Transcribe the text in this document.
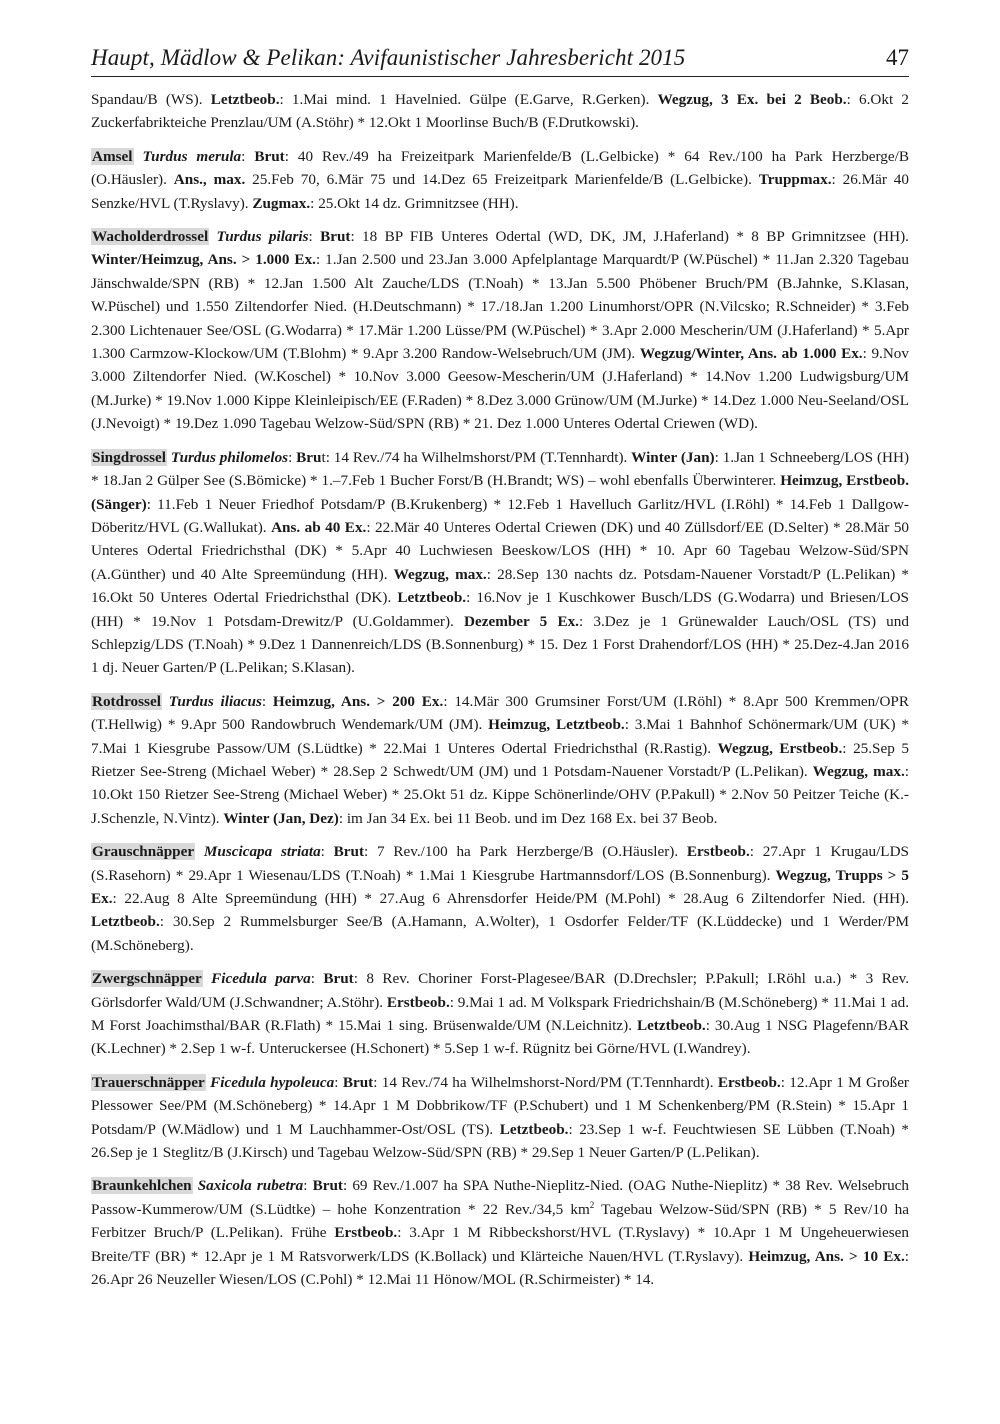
Haupt, Mädlow & Pelikan: Avifaunistischer Jahresbericht 2015	47

Spandau/B (WS). Letztbeob.: 1.Mai mind. 1 Havelnied. Gülpe (E.Garve, R.Gerken). Wegzug, 3 Ex. bei 2 Beob.: 6.Okt 2 Zuckerfabrikteiche Prenzlau/UM (A.Stöhr) * 12.Okt 1 Moorlinse Buch/B (F.Drutkowski).

Amsel Turdus merula: Brut: 40 Rev./49 ha Freizeitpark Marienfelde/B (L.Gelbicke) * 64 Rev./100 ha Park Herzberge/B (O.Häusler). Ans., max. 25.Feb 70, 6.Mär 75 und 14.Dez 65 Freizeitpark Marienfelde/B (L.Gelbicke). Truppmax.: 26.Mär 40 Senzke/HVL (T.Ryslavy). Zugmax.: 25.Okt 14 dz. Grimnitzsee (HH).

Wacholderdrossel Turdus pilaris: Brut: 18 BP FIB Unteres Odertal (WD, DK, JM, J.Haferland) * 8 BP Grimnitzsee (HH). Winter/Heimzug, Ans. > 1.000 Ex.: 1.Jan 2.500 und 23.Jan 3.000 Apfelplantage Marquardt/P (W.Püschel) * 11.Jan 2.320 Tagebau Jänschwalde/SPN (RB) * 12.Jan 1.500 Alt Zauche/LDS (T.Noah) * 13.Jan 5.500 Phöbener Bruch/PM (B.Jahnke, S.Klasan, W.Püschel) und 1.550 Ziltendorfer Nied. (H.Deutschmann) * 17./18.Jan 1.200 Linumhorst/OPR (N.Vilcsko; R.Schneider) * 3.Feb 2.300 Lichtenauer See/OSL (G.Wodarra) * 17.Mär 1.200 Lüsse/PM (W.Püschel) * 3.Apr 2.000 Mescherin/UM (J.Haferland) * 5.Apr 1.300 Carmzow-Klockow/UM (T.Blohm) * 9.Apr 3.200 Randow-Welsebruch/UM (JM). Wegzug/Winter, Ans. ab 1.000 Ex.: 9.Nov 3.000 Ziltendorfer Nied. (W.Koschel) * 10.Nov 3.000 Geesow-Mescherin/UM (J.Haferland) * 14.Nov 1.200 Ludwigsburg/UM (M.Jurke) * 19.Nov 1.000 Kippe Kleinleipisch/EE (F.Raden) * 8.Dez 3.000 Grünow/UM (M.Jurke) * 14.Dez 1.000 Neu-Seeland/OSL (J.Nevoigt) * 19.Dez 1.090 Tagebau Welzow-Süd/SPN (RB) * 21. Dez 1.000 Unteres Odertal Criewen (WD).

Singdrossel Turdus philomelos: Brut: 14 Rev./74 ha Wilhelmshorst/PM (T.Tennhardt). Winter (Jan): 1.Jan 1 Schneeberg/LOS (HH) * 18.Jan 2 Gülper See (S.Bömicke) * 1.–7.Feb 1 Bucher Forst/B (H.Brandt; WS) – wohl ebenfalls Überwinterer. Heimzug, Erstbeob. (Sänger): 11.Feb 1 Neuer Friedhof Potsdam/P (B.Krukenberg) * 12.Feb 1 Havelluch Garlitz/HVL (I.Röhl) * 14.Feb 1 Dallgow-Döberitz/HVL (G.Wallukat). Ans. ab 40 Ex.: 22.Mär 40 Unteres Odertal Criewen (DK) und 40 Züllsdorf/EE (D.Selter) * 28.Mär 50 Unteres Odertal Friedrichsthal (DK) * 5.Apr 40 Luchwiesen Beeskow/LOS (HH) * 10. Apr 60 Tagebau Welzow-Süd/SPN (A.Günther) und 40 Alte Spreemündung (HH). Wegzug, max.: 28.Sep 130 nachts dz. Potsdam-Nauener Vorstadt/P (L.Pelikan) * 16.Okt 50 Unteres Odertal Friedrichsthal (DK). Letztbeob.: 16.Nov je 1 Kuschkower Busch/LDS (G.Wodarra) und Briesen/LOS (HH) * 19.Nov 1 Potsdam-Drewitz/P (U.Goldammer). Dezember 5 Ex.: 3.Dez je 1 Grünewalder Lauch/OSL (TS) und Schlepzig/LDS (T.Noah) * 9.Dez 1 Dannenreich/LDS (B.Sonnenburg) * 15. Dez 1 Forst Drahendorf/LOS (HH) * 25.Dez-4.Jan 2016 1 dj. Neuer Garten/P (L.Pelikan; S.Klasan).

Rotdrossel Turdus iliacus: Heimzug, Ans. > 200 Ex.: 14.Mär 300 Grumsiner Forst/UM (I.Röhl) * 8.Apr 500 Kremmen/OPR (T.Hellwig) * 9.Apr 500 Randowbruch Wendemark/UM (JM). Heimzug, Letztbeob.: 3.Mai 1 Bahnhof Schönermark/UM (UK) * 7.Mai 1 Kiesgrube Passow/UM (S.Lüdtke) * 22.Mai 1 Unteres Odertal Friedrichsthal (R.Rastig). Wegzug, Erstbeob.: 25.Sep 5 Rietzer See-Streng (Michael Weber) * 28.Sep 2 Schwedt/UM (JM) und 1 Potsdam-Nauener Vorstadt/P (L.Pelikan). Wegzug, max.: 10.Okt 150 Rietzer See-Streng (Michael Weber) * 25.Okt 51 dz. Kippe Schönerlinde/OHV (P.Pakull) * 2.Nov 50 Peitzer Teiche (K.-J.Schenzle, N.Vintz). Winter (Jan, Dez): im Jan 34 Ex. bei 11 Beob. und im Dez 168 Ex. bei 37 Beob.

Grauschnäpper Muscicapa striata: Brut: 7 Rev./100 ha Park Herzberge/B (O.Häusler). Erstbeob.: 27.Apr 1 Krugau/LDS (S.Rasehorn) * 29.Apr 1 Wiesenau/LDS (T.Noah) * 1.Mai 1 Kiesgrube Hartmannsdorf/LOS (B.Sonnenburg). Wegzug, Trupps > 5 Ex.: 22.Aug 8 Alte Spreemündung (HH) * 27.Aug 6 Ahrensdorfer Heide/PM (M.Pohl) * 28.Aug 6 Ziltendorfer Nied. (HH). Letztbeob.: 30.Sep 2 Rummelsburger See/B (A.Hamann, A.Wolter), 1 Osdorfer Felder/TF (K.Lüddecke) und 1 Werder/PM (M.Schöneberg).

Zwergschnäpper Ficedula parva: Brut: 8 Rev. Choriner Forst-Plagesee/BAR (D.Drechsler; P.Pakull; I.Röhl u.a.) * 3 Rev. Görlsdorfer Wald/UM (J.Schwandner; A.Stöhr). Erstbeob.: 9.Mai 1 ad. M Volkspark Friedrichshain/B (M.Schöneberg) * 11.Mai 1 ad. M Forst Joachimsthal/BAR (R.Flath) * 15.Mai 1 sing. Brüsenwalde/UM (N.Leichnitz). Letztbeob.: 30.Aug 1 NSG Plagefenn/BAR (K.Lechner) * 2.Sep 1 w-f. Unteruckersee (H.Schonert) * 5.Sep 1 w-f. Rügnitz bei Görne/HVL (I.Wandrey).

Trauerschnäpper Ficedula hypoleuca: Brut: 14 Rev./74 ha Wilhelmshorst-Nord/PM (T.Tennhardt). Erstbeob.: 12.Apr 1 M Großer Plessower See/PM (M.Schöneberg) * 14.Apr 1 M Dobbrikow/TF (P.Schubert) und 1 M Schenkenberg/PM (R.Stein) * 15.Apr 1 Potsdam/P (W.Mädlow) und 1 M Lauchhammer-Ost/OSL (TS). Letztbeob.: 23.Sep 1 w-f. Feuchtwiesen SE Lübben (T.Noah) * 26.Sep je 1 Steglitz/B (J.Kirsch) und Tagebau Welzow-Süd/SPN (RB) * 29.Sep 1 Neuer Garten/P (L.Pelikan).

Braunkehlchen Saxicola rubetra: Brut: 69 Rev./1.007 ha SPA Nuthe-Nieplitz-Nied. (OAG Nuthe-Nieplitz) * 38 Rev. Welsebruch Passow-Kummerow/UM (S.Lüdtke) – hohe Konzentration * 22 Rev./34,5 $km^2$ Tagebau Welzow-Süd/SPN (RB) * 5 Rev/10 ha Ferbitzer Bruch/P (L.Pelikan). Frühe Erstbeob.: 3.Apr 1 M Ribbeckshorst/HVL (T.Ryslavy) * 10.Apr 1 M Ungeheuerwiesen Breite/TF (BR) * 12.Apr je 1 M Ratsvorwerk/LDS (K.Bollack) und Klärteiche Nauen/HVL (T.Ryslavy). Heimzug, Ans. > 10 Ex.: 26.Apr 26 Neuzeller Wiesen/LOS (C.Pohl) * 12.Mai 11 Hönow/MOL (R.Schirmeister) * 14.
